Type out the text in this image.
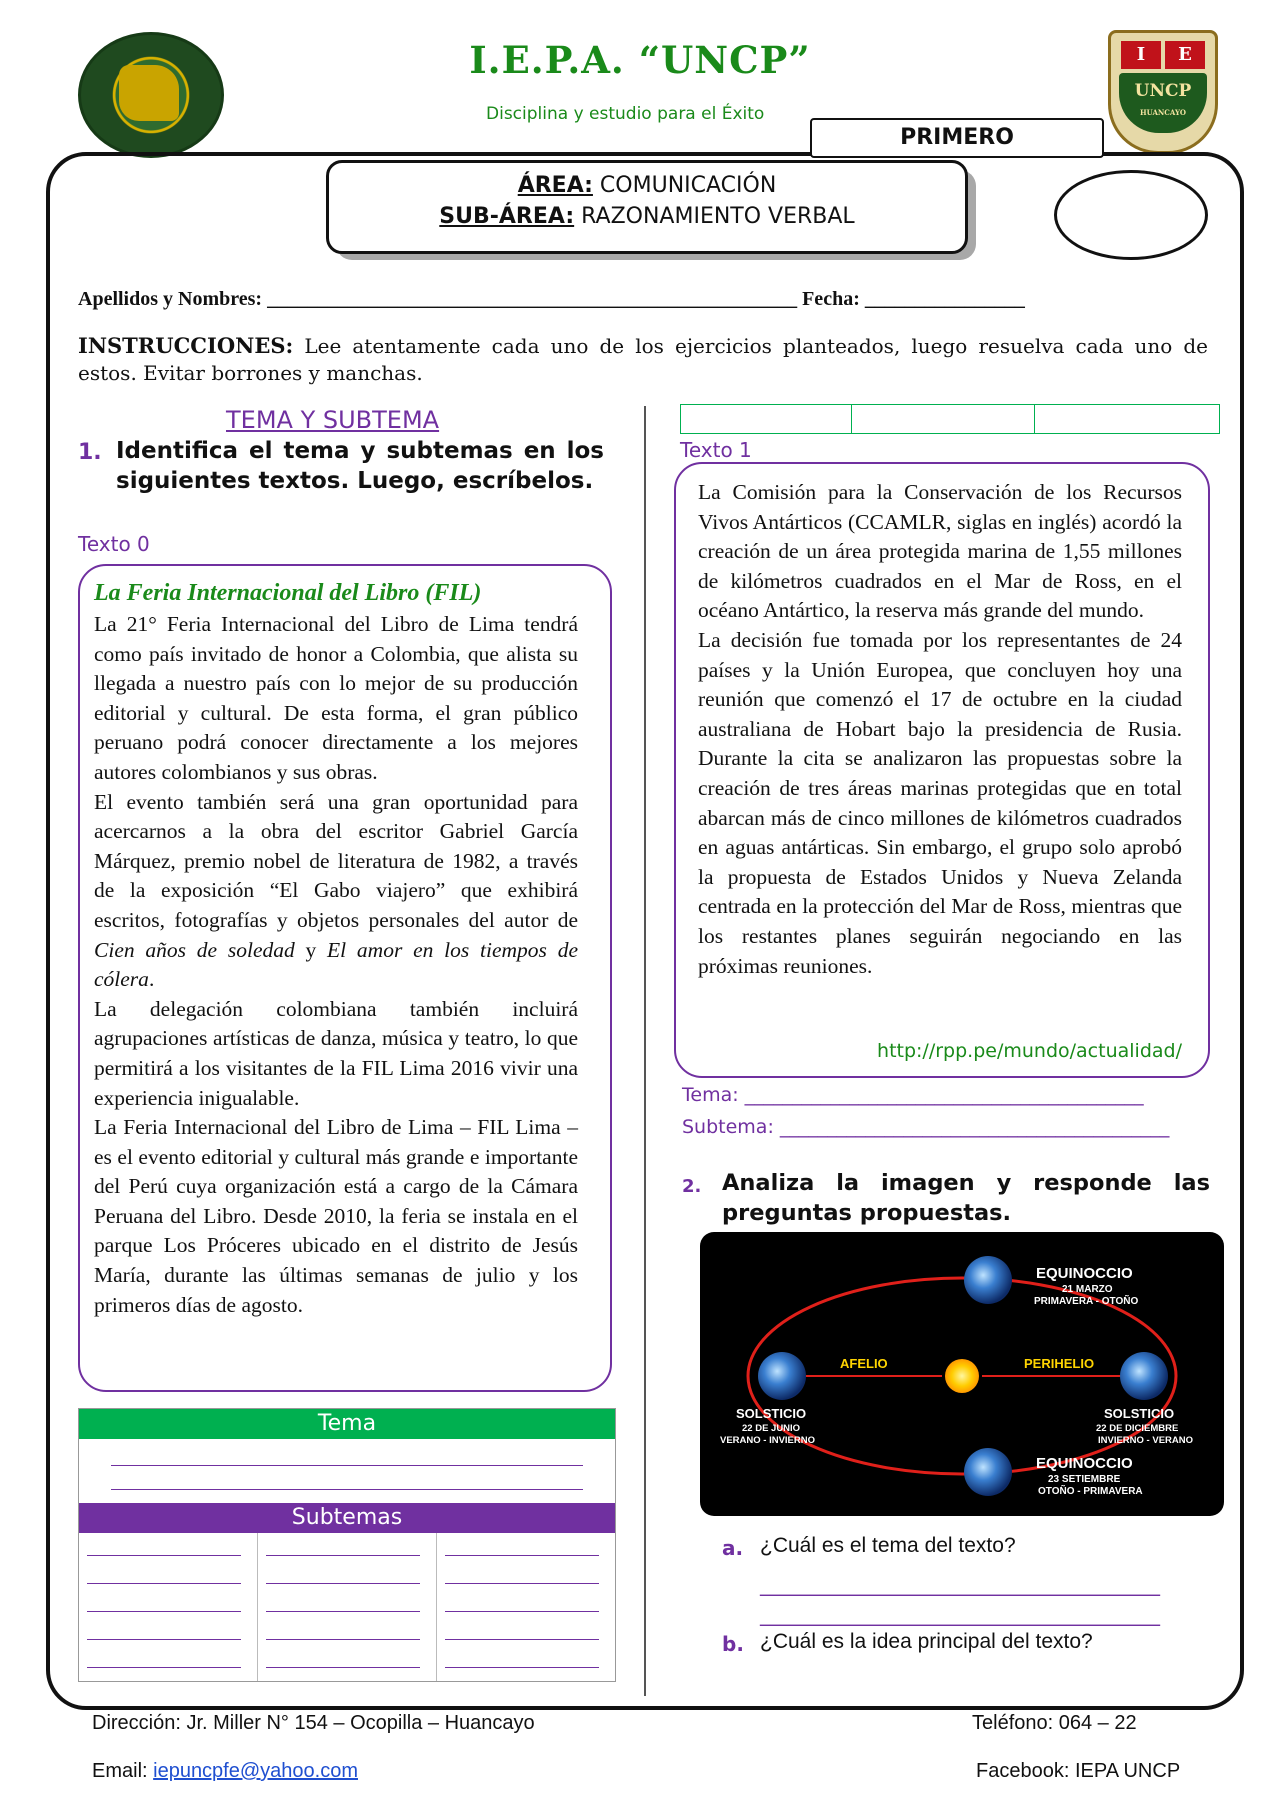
I	E
UNCP
HUANCAYO
I.E.P.A. “UNCP”
Disciplina y estudio para el Éxito
PRIMERO
ÁREA: COMUNICACIÓN
SUB-ÁREA: RAZONAMIENTO VERBAL
Apellidos y Nombres: _____________________________________________________ Fecha: ________________
INSTRUCCIONES: Lee atentamente cada uno de los ejercicios planteados, luego resuelva cada uno de estos. Evitar borrones y manchas.
TEMA Y SUBTEMA
1. Identifica el tema y subtemas en los siguientes textos. Luego, escríbelos.
Texto 0
La Feria Internacional del Libro (FIL)

La 21° Feria Internacional del Libro de Lima tendrá como país invitado de honor a Colombia, que alista su llegada a nuestro país con lo mejor de su producción editorial y cultural. De esta forma, el gran público peruano podrá conocer directamente a los mejores autores colombianos y sus obras.

El evento también será una gran oportunidad para acercarnos a la obra del escritor Gabriel García Márquez, premio nobel de literatura de 1982, a través de la exposición “El Gabo viajero” que exhibirá escritos, fotografías y objetos personales del autor de Cien años de soledad y El amor en los tiempos de cólera.

La delegación colombiana también incluirá agrupaciones artísticas de danza, música y teatro, lo que permitirá a los visitantes de la FIL Lima 2016 vivir una experiencia inigualable.

La Feria Internacional del Libro de Lima – FIL Lima – es el evento editorial y cultural más grande e importante del Perú cuya organización está a cargo de la Cámara Peruana del Libro. Desde 2010, la feria se instala en el parque Los Próceres ubicado en el distrito de Jesús María, durante las últimas semanas de julio y los primeros días de agosto.

Tema
Subtemas
Texto 1

La Comisión para la Conservación de los Recursos Vivos Antárticos (CCAMLR, siglas en inglés) acordó la creación de un área protegida marina de 1,55 millones de kilómetros cuadrados en el Mar de Ross, en el océano Antártico, la reserva más grande del mundo.

La decisión fue tomada por los representantes de 24 países y la Unión Europea, que concluyen hoy una reunión que comenzó el 17 de octubre en la ciudad australiana de Hobart bajo la presidencia de Rusia. Durante la cita se analizaron las propuestas sobre la creación de tres áreas marinas protegidas que en total abarcan más de cinco millones de kilómetros cuadrados en aguas antárticas. Sin embargo, el grupo solo aprobó la propuesta de Estados Unidos y Nueva Zelanda centrada en la protección del Mar de Ross, mientras que los restantes planes seguirán negociando en las próximas reuniones.

http://rpp.pe/mundo/actualidad/
Tema: __________________________________________
Subtema: _________________________________________
2. Analiza la imagen y responde las preguntas propuestas.
EQUINOCCIO
21 MARZO
PRIMAVERA - OTOÑO
AFELIO	PERIHELIO
SOLSTICIO
22 DE JUNIO
VERANO - INVIERNO
SOLSTICIO
22 DE DICIEMBRE
INVIERNO - VERANO
EQUINOCCIO
23 SETIEMBRE
OTOÑO - PRIMAVERA
a. ¿Cuál es el tema del texto?
________________________________________
________________________________________
b. ¿Cuál es la idea principal del texto?
Dirección: Jr. Miller N° 154 – Ocopilla – Huancayo	Teléfono: 064 – 22
Email: iepuncpfe@yahoo.com	Facebook: IEPA UNCP
